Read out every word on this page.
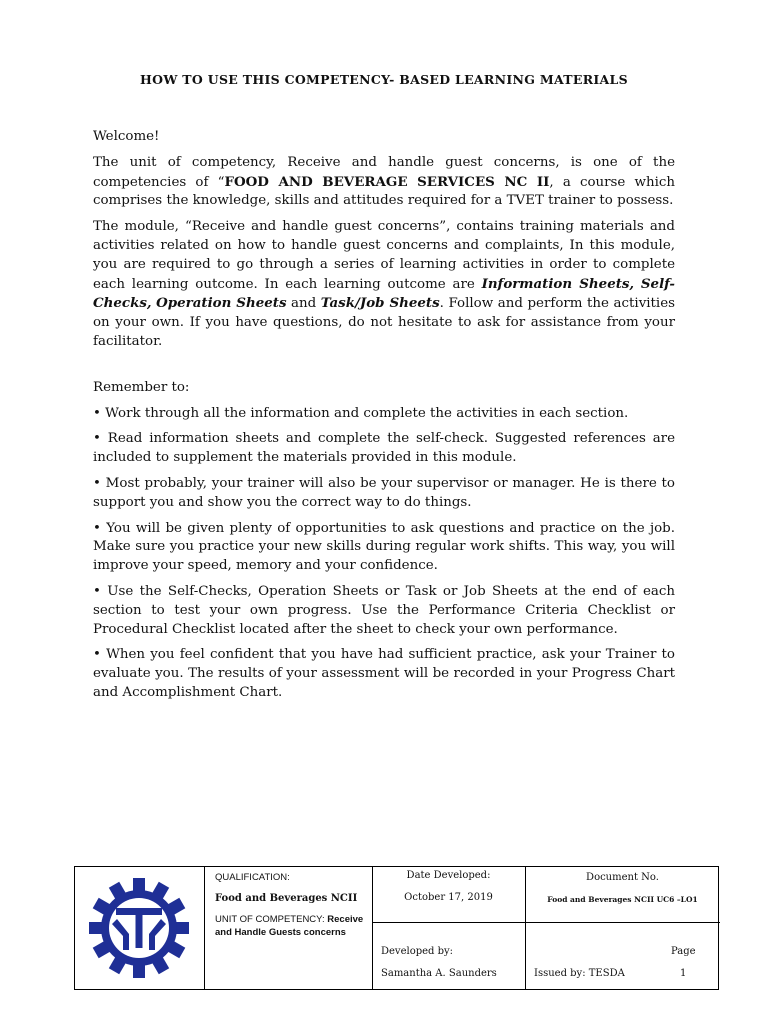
HOW TO USE THIS COMPETENCY- BASED LEARNING MATERIALS

Welcome!

The unit of competency, Receive and handle guest concerns, is one of the competencies of “FOOD AND BEVERAGE SERVICES NC II, a course which comprises the knowledge, skills and attitudes required for a TVET trainer to possess.

The module, “Receive and handle guest concerns”, contains training materials and activities related on how to handle guest concerns and complaints, In this module, you are required to go through a series of learning activities in order to complete each learning outcome. In each learning outcome are Information Sheets, Self-Checks, Operation Sheets and Task/Job Sheets. Follow and perform the activities on your own. If you have questions, do not hesitate to ask for assistance from your facilitator.

Remember to:

• Work through all the information and complete the activities in each section.

• Read information sheets and complete the self-check. Suggested references are included to supplement the materials provided in this module.

• Most probably, your trainer will also be your supervisor or manager. He is there to support you and show you the correct way to do things.

• You will be given plenty of opportunities to ask questions and practice on the job. Make sure you practice your new skills during regular work shifts. This way, you will improve your speed, memory and your confidence.

• Use the Self-Checks, Operation Sheets or Task or Job Sheets at the end of each section to test your own progress. Use the Performance Criteria Checklist or Procedural Checklist located after the sheet to check your own performance.

• When you feel confident that you have had sufficient practice, ask your Trainer to evaluate you. The results of your assessment will be recorded in your Progress Chart and Accomplishment Chart.

QUALIFICATION:
Food and Beverages NCII
UNIT OF COMPETENCY: Receive
and Handle Guests concerns
Date Developed:
October 17, 2019
Document No.
Food and Beverages NCII UC6 –LO1
Developed by:
Samantha A. Saunders	Issued by: TESDA
Page
1
